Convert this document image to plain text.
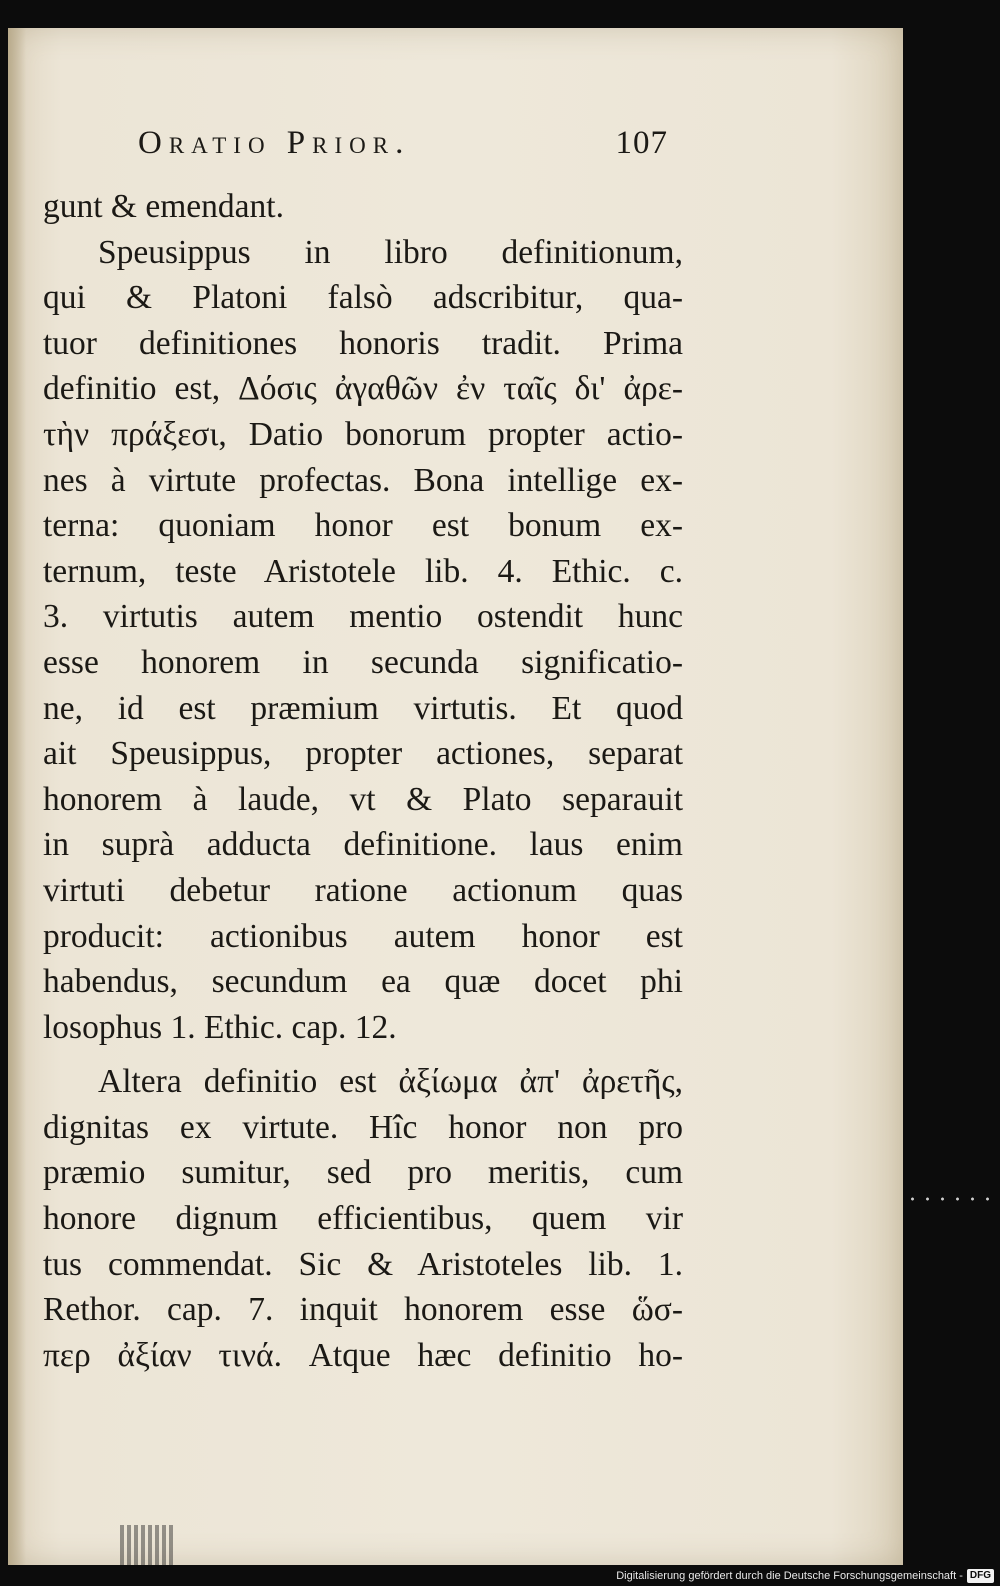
Oratio Prior.	107
gunt & emendant.
Speusippus in libro definitionum,
qui & Platoni falsò adscribitur, qua-
tuor definitiones honoris tradit. Prima
definitio est, Δόσις ἀγαθῶν ἐν ταῖς δι' ἀρε-
τὴν πράξεσι, Datio bonorum propter actio-
nes à virtute profectas. Bona intellige ex-
terna: quoniam honor est bonum ex-
ternum, teste Aristotele lib. 4. Ethic. c.
3. virtutis autem mentio ostendit hunc
esse honorem in secunda significatio-
ne, id est præmium virtutis. Et quod
ait Speusippus, propter actiones, separat
honorem à laude, vt & Plato separauit
in suprà adducta definitione. laus enim
virtuti debetur ratione actionum quas
producit: actionibus autem honor est
habendus, secundum ea quæ docet phi
losophus 1. Ethic. cap. 12.
Altera definitio est ἀξίωμα ἀπ' ἀρετῆς,
dignitas ex virtute. Hîc honor non pro
præmio sumitur, sed pro meritis, cum
honore dignum efficientibus, quem vir
tus commendat. Sic & Aristoteles lib. 1.
Rethor. cap. 7. inquit honorem esse ὥσ-
περ ἀξίαν τινά. Atque hæc definitio ho-
Digitalisierung gefördert durch die Deutsche Forschungsgemeinschaft - DFG
